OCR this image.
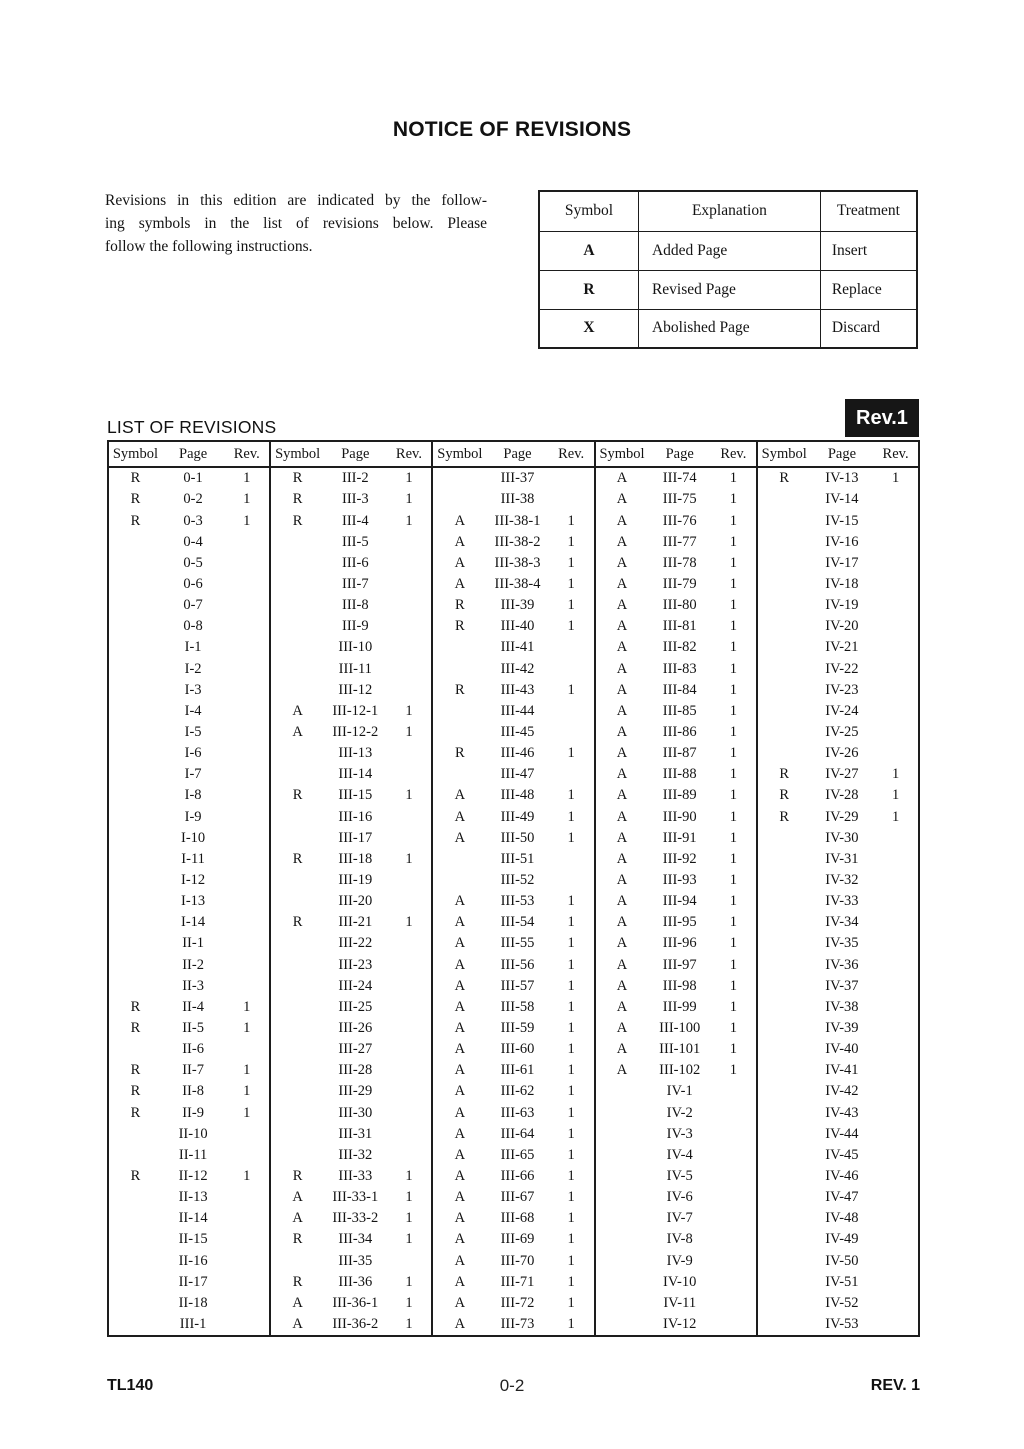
NOTICE OF REVISIONS
Revisions in this edition are indicated by the follow-
ing symbols in the list of revisions below. Please
follow the following instructions.
Symbol	Explanation	Treatment
A	Added Page	Insert
R	Revised Page	Replace
X	Abolished Page	Discard
LIST OF REVISIONS	Rev.1
Symbol	Page	Rev.
R	0-1	1
R	0-2	1
R	0-3	1
0-4
0-5
0-6
0-7
0-8
I-1
I-2
I-3
I-4
I-5
I-6
I-7
I-8
I-9
I-10
I-11
I-12
I-13
I-14
II-1
II-2
II-3
R	II-4	1
R	II-5	1
II-6
R	II-7	1
R	II-8	1
R	II-9	1
II-10
II-11
R	II-12	1
II-13
II-14
II-15
II-16
II-17
II-18
III-1
Symbol	Page	Rev.
R	III-2	1
R	III-3	1
R	III-4	1
III-5
III-6
III-7
III-8
III-9
III-10
III-11
III-12
A	III-12-1	1
A	III-12-2	1
III-13
III-14
R	III-15	1
III-16
III-17
R	III-18	1
III-19
III-20
R	III-21	1
III-22
III-23
III-24
III-25
III-26
III-27
III-28
III-29
III-30
III-31
III-32
R	III-33	1
A	III-33-1	1
A	III-33-2	1
R	III-34	1
III-35
R	III-36	1
A	III-36-1	1
A	III-36-2	1
Symbol	Page	Rev.
III-37
III-38
A	III-38-1	1
A	III-38-2	1
A	III-38-3	1
A	III-38-4	1
R	III-39	1
R	III-40	1
III-41
III-42
R	III-43	1
III-44
III-45
R	III-46	1
III-47
A	III-48	1
A	III-49	1
A	III-50	1
III-51
III-52
A	III-53	1
A	III-54	1
A	III-55	1
A	III-56	1
A	III-57	1
A	III-58	1
A	III-59	1
A	III-60	1
A	III-61	1
A	III-62	1
A	III-63	1
A	III-64	1
A	III-65	1
A	III-66	1
A	III-67	1
A	III-68	1
A	III-69	1
A	III-70	1
A	III-71	1
A	III-72	1
A	III-73	1
Symbol	Page	Rev.
A	III-74	1
A	III-75	1
A	III-76	1
A	III-77	1
A	III-78	1
A	III-79	1
A	III-80	1
A	III-81	1
A	III-82	1
A	III-83	1
A	III-84	1
A	III-85	1
A	III-86	1
A	III-87	1
A	III-88	1
A	III-89	1
A	III-90	1
A	III-91	1
A	III-92	1
A	III-93	1
A	III-94	1
A	III-95	1
A	III-96	1
A	III-97	1
A	III-98	1
A	III-99	1
A	III-100	1
A	III-101	1
A	III-102	1
IV-1
IV-2
IV-3
IV-4
IV-5
IV-6
IV-7
IV-8
IV-9
IV-10
IV-11
IV-12
Symbol	Page	Rev.
R	IV-13	1
IV-14
IV-15
IV-16
IV-17
IV-18
IV-19
IV-20
IV-21
IV-22
IV-23
IV-24
IV-25
IV-26
R	IV-27	1
R	IV-28	1
R	IV-29	1
IV-30
IV-31
IV-32
IV-33
IV-34
IV-35
IV-36
IV-37
IV-38
IV-39
IV-40
IV-41
IV-42
IV-43
IV-44
IV-45
IV-46
IV-47
IV-48
IV-49
IV-50
IV-51
IV-52
IV-53
TL140	0-2	REV. 1
